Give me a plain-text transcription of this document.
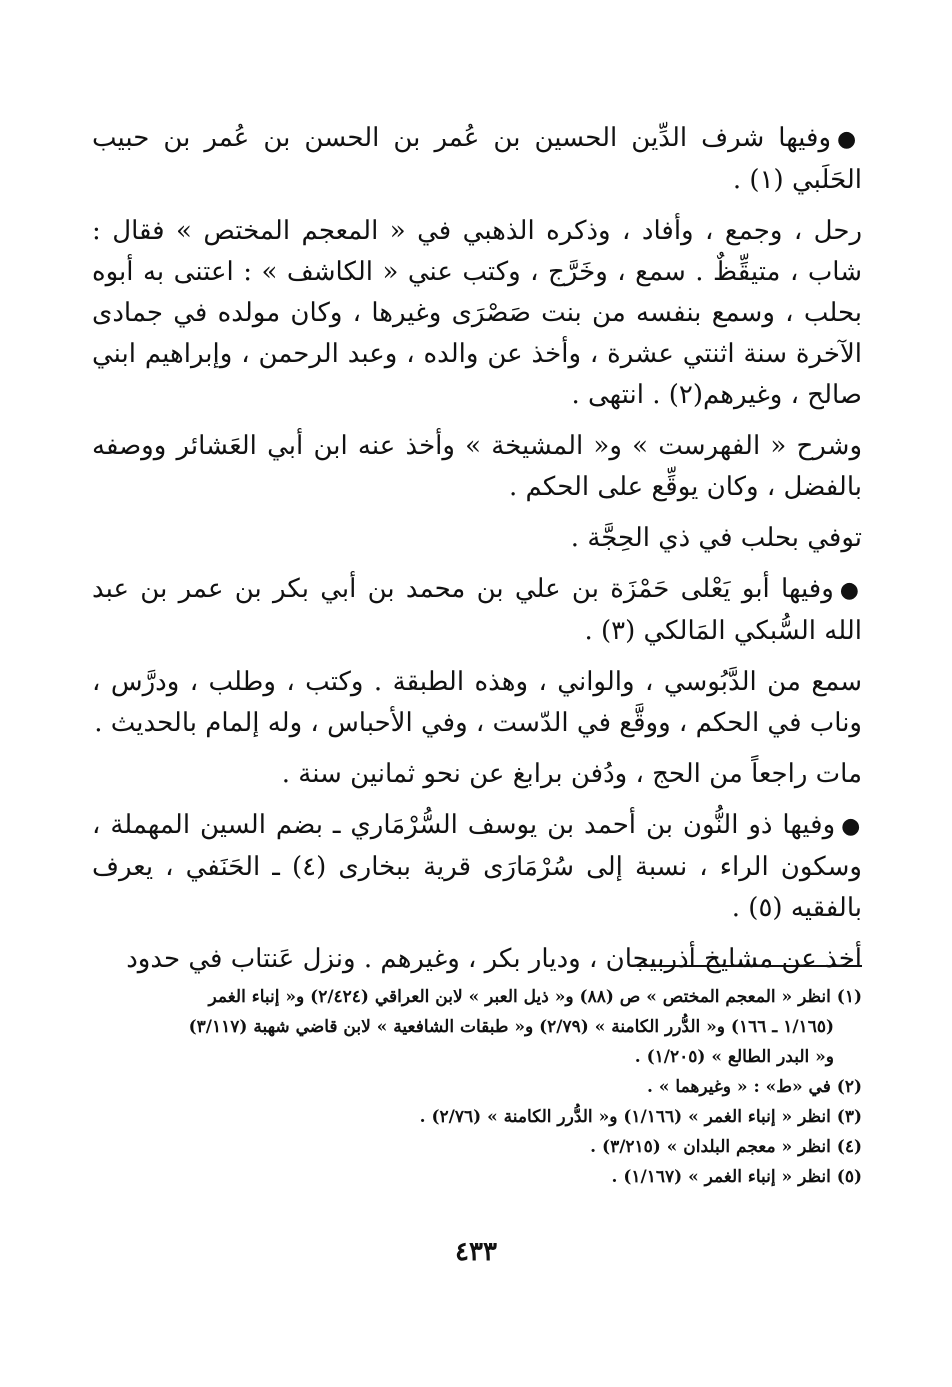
●وفيها شرف الدِّين الحسين بن عُمر بن الحسن بن عُمر بن حبيب الحَلَبي (١) .

رحل ، وجمع ، وأفاد ، وذكره الذهبي في « المعجم المختص » فقال : شاب ، متيقِّظٌ . سمع ، وخَرَّج ، وكتب عني « الكاشف » : اعتنى به أبوه بحلب ، وسمع بنفسه من بنت صَصْرَى وغيرها ، وكان مولده في جمادى الآخرة سنة اثنتي عشرة ، وأخذ عن والده ، وعبد الرحمن ، وإبراهيم ابني صالح ، وغيرهم(٢) . انتهى .

وشرح « الفهرست » و« المشيخة » وأخذ عنه ابن أبي العَشائر ووصفه بالفضل ، وكان يوقِّع على الحكم .

توفي بحلب في ذي الحِجَّة .

●وفيها أبو يَعْلى حَمْزَة بن علي بن محمد بن أبي بكر بن عمر بن عبد الله السُّبكي المَالكي (٣) .

سمع من الدَّبُوسي ، والواني ، وهذه الطبقة . وكتب ، وطلب ، ودرَّس ، وناب في الحكم ، ووقَّع في الدّست ، وفي الأحباس ، وله إلمام بالحديث .

مات راجعاً من الحج ، ودُفن برابغ عن نحو ثمانين سنة .

●وفيها ذو النُّون بن أحمد بن يوسف السُّرْمَاري ـ بضم السين المهملة ، وسكون الراء ، نسبة إلى سُرْمَارَى قرية ببخارى (٤) ـ الحَنَفي ، يعرف بالفقيه (٥) .

أخذ عن مشايخ أذربيجان ، وديار بكر ، وغيرهم . ونزل عَنتاب في حدود

(١) انظر « المعجم المختص » ص (٨٨) و« ذيل العبر » لابن العراقي (٢/٤٢٤) و« إنباء الغمر

(١/١٦٥ ـ ١٦٦) و« الدُّرر الكامنة » (٢/٧٩) و« طبقات الشافعية » لابن قاضي شهبة (٣/١١٧)

و« البدر الطالع » (١/٢٠٥) .

(٢) في «ط» : « وغيرهما » .

(٣) انظر « إنباء الغمر » (١/١٦٦) و« الدُّرر الكامنة » (٢/٧٦) .

(٤) انظر « معجم البلدان » (٣/٢١٥) .

(٥) انظر « إنباء الغمر » (١/١٦٧) .

٤٣٣
